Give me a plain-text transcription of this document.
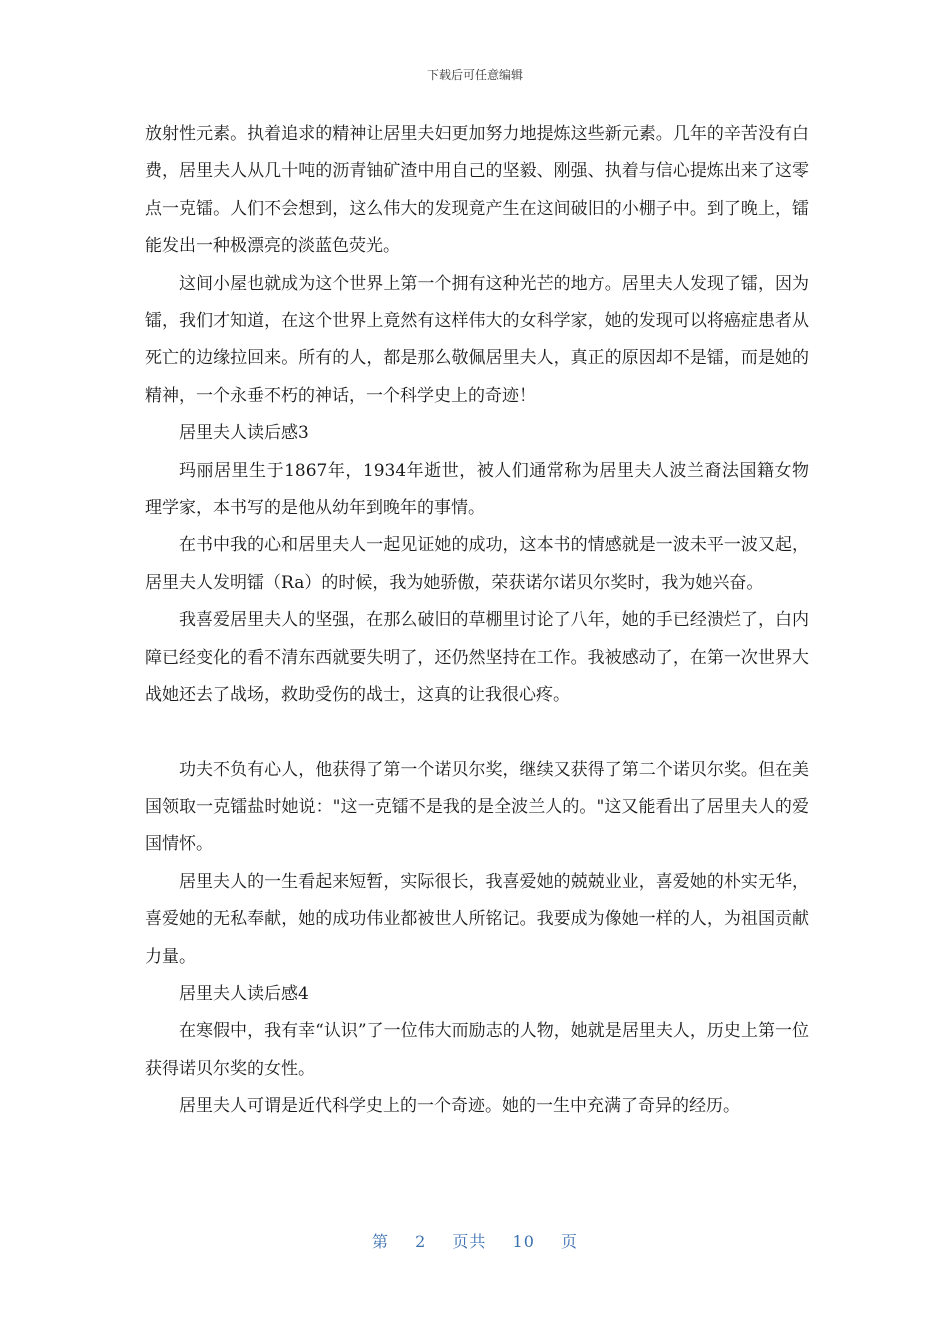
下载后可任意编辑

放射性元素。执着追求的精神让居里夫妇更加努力地提炼这些新元素。几年的辛苦没有白费，居里夫人从几十吨的沥青铀矿渣中用自己的坚毅、刚强、执着与信心提炼出来了这零点一克镭。人们不会想到，这么伟大的发现竟产生在这间破旧的小棚子中。到了晚上，镭能发出一种极漂亮的淡蓝色荧光。

这间小屋也就成为这个世界上第一个拥有这种光芒的地方。居里夫人发现了镭，因为镭，我们才知道，在这个世界上竟然有这样伟大的女科学家，她的发现可以将癌症患者从死亡的边缘拉回来。所有的人，都是那么敬佩居里夫人，真正的原因却不是镭，而是她的精神，一个永垂不朽的神话，一个科学史上的奇迹！

居里夫人读后感3

玛丽居里生于1867年，1934年逝世，被人们通常称为居里夫人波兰裔法国籍女物理学家，本书写的是他从幼年到晚年的事情。

在书中我的心和居里夫人一起见证她的成功，这本书的情感就是一波未平一波又起，居里夫人发明镭（Ra）的时候，我为她骄傲，荣获诺尔诺贝尔奖时，我为她兴奋。

我喜爱居里夫人的坚强，在那么破旧的草棚里讨论了八年，她的手已经溃烂了，白内障已经变化的看不清东西就要失明了，还仍然坚持在工作。我被感动了，在第一次世界大战她还去了战场，救助受伤的战士，这真的让我很心疼。

功夫不负有心人，他获得了第一个诺贝尔奖，继续又获得了第二个诺贝尔奖。但在美国领取一克镭盐时她说："这一克镭不是我的是全波兰人的。"这又能看出了居里夫人的爱国情怀。

居里夫人的一生看起来短暂，实际很长，我喜爱她的兢兢业业，喜爱她的朴实无华，喜爱她的无私奉献，她的成功伟业都被世人所铭记。我要成为像她一样的人，为祖国贡献力量。

居里夫人读后感4

在寒假中，我有幸“认识”了一位伟大而励志的人物，她就是居里夫人，历史上第一位获得诺贝尔奖的女性。

居里夫人可谓是近代科学史上的一个奇迹。她的一生中充满了奇异的经历。

第 2 页共 10 页
